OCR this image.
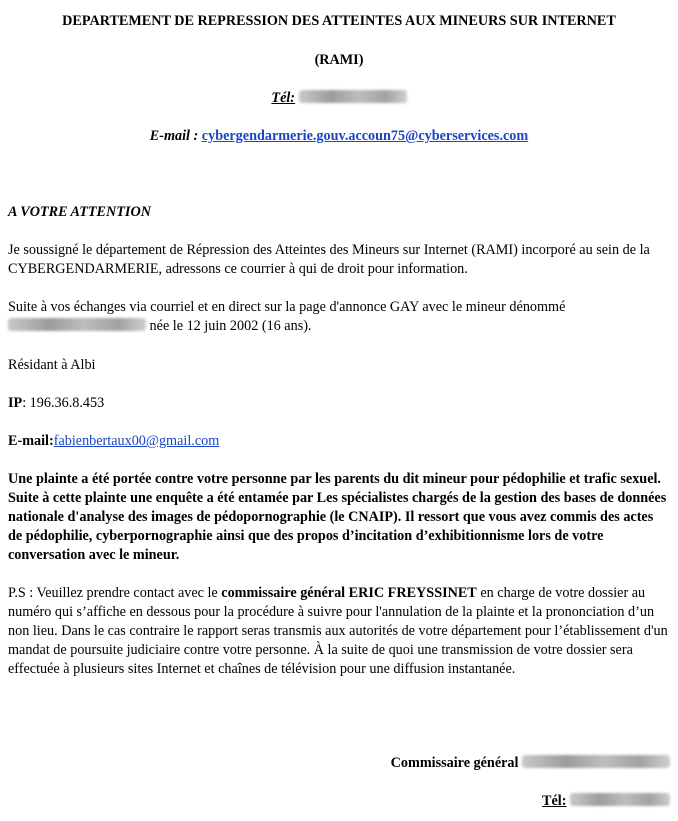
DEPARTEMENT DE REPRESSION DES ATTEINTES AUX MINEURS SUR INTERNET
(RAMI)
Tél:
E-mail : cybergendarmerie.gouv.accoun75@cyberservices.com

A VOTRE ATTENTION

Je soussigné le département de Répression des Atteintes des Mineurs sur Internet (RAMI) incorporé au sein de la CYBERGENDARMERIE, adressons ce courrier à qui de droit pour information.

Suite à vos échanges via courriel et en direct sur la page d'annonce GAY avec le mineur dénommé
née le 12 juin 2002 (16 ans).

Résidant à Albi

IP: 196.36.8.453

E-mail:fabienbertaux00@gmail.com

Une plainte a été portée contre votre personne par les parents du dit mineur pour pédophilie et trafic sexuel. Suite à cette plainte une enquête a été entamée par Les spécialistes chargés de la gestion des bases de données nationale d'analyse des images de pédopornographie (le CNAIP). Il ressort que vous avez commis des actes de pédophilie, cyberpornographie ainsi que des propos d’incitation d’exhibitionnisme lors de votre conversation avec le mineur.

P.S : Veuillez prendre contact avec le commissaire général ERIC FREYSSINET en charge de votre dossier au numéro qui s’affiche en dessous pour la procédure à suivre pour l'annulation de la plainte et la prononciation d’un non lieu. Dans le cas contraire le rapport seras transmis aux autorités de votre département pour l’établissement d'un mandat de poursuite judiciaire contre votre personne. À la suite de quoi une transmission de votre dossier sera effectuée à plusieurs sites Internet et chaînes de télévision pour une diffusion instantanée.

Commissaire général
Tél:
